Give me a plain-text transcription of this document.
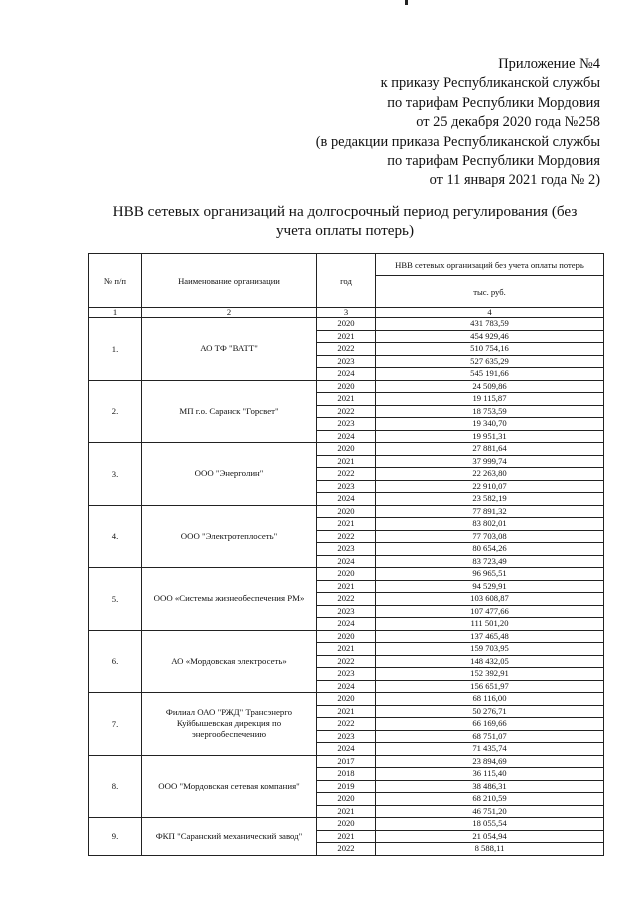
Приложение №4
к приказу Республиканской службы
по тарифам Республики Мордовия
от 25 декабря 2020 года №258
(в редакции приказа Республиканской службы
по тарифам Республики Мордовия
от 11 января 2021 года № 2)
НВВ сетевых организаций на долгосрочный период регулирования (без
учета оплаты потерь)
№ п/п	Наименование организации	год	НВВ сетевых организаций без учета оплаты потерь
			тыс. руб.
1	2	3	4
1.	АО ТФ "ВАТТ"	2020	431 783,59
		2021	454 929,46
		2022	510 754,16
		2023	527 635,29
		2024	545 191,66
2.	МП г.о. Саранск "Горсвет"	2020	24 509,86
		2021	19 115,87
		2022	18 753,59
		2023	19 340,70
		2024	19 951,31
3.	ООО "Энерголин"	2020	27 881,64
		2021	37 999,74
		2022	22 263,80
		2023	22 910,07
		2024	23 582,19
4.	ООО "Электротеплосеть"	2020	77 891,32
		2021	83 802,01
		2022	77 703,08
		2023	80 654,26
		2024	83 723,49
5.	ООО «Системы жизнеобеспечения РМ»	2020	96 965,51
		2021	94 529,91
		2022	103 608,87
		2023	107 477,66
		2024	111 501,20
6.	АО «Мордовская электросеть»	2020	137 465,48
		2021	159 703,95
		2022	148 432,05
		2023	152 392,91
		2024	156 651,97
7.	Филиал ОАО "РЖД" Трансэнерго Куйбышевская дирекция по энергообеспечению	2020	68 116,00
		2021	50 276,71
		2022	66 169,66
		2023	68 751,07
		2024	71 435,74
8.	ООО "Мордовская сетевая компания"	2017	23 894,69
		2018	36 115,40
		2019	38 486,31
		2020	68 210,59
		2021	46 751,20
9.	ФКП "Саранский механический завод"	2020	18 055,54
		2021	21 054,94
		2022	8 588,11
